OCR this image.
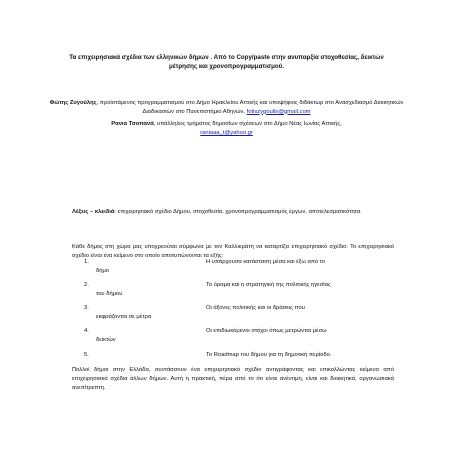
Τα επιχειρησιακά σχέδια των ελληνικών δήμων . Από το Copy/paste στην ανυπαρξία στοχοθεσίας, δεικτών μέτρησης και χρονοπρογραμματισμού.
Φώτης Ζυγούλης, προϊστάμενος προγραμματισμού στο Δήμο Ηρακλείου Αττικής και υποψήφιος διδάκτωρ στο Ανασχεδιασμό Διοικητικών Διαδικασιών στο Πανεπιστήμιο Αθηνών, fotiszygoulis@gmail.com
Ρανια Τσοπανά, υπάλληλος τμήματος δημοσίων σχέσεων στο Δήμο Νέας Ιωνίας Αττικής,
raniaaa_t@yahoo.gr
Λέξεις – κλειδιά: επιχειρησιακό σχέδιο Δήμου, στοχοθεσία, χρονοπρογραμματισμός έργων, αποτελεσματικότητα.
Κάθε δήμος στη χώρα μας υποχρεούται σύμφωνα με τον Καλλικράτη να καταρτίζει επιχειρησιακό σχέδιο. Το επιχειρησιακό σχέδιο είναι ένα κείμενο στο οποίο αποτυπώνονται τα εξής:
1.	Η υπάρχουσα κατάσταση μέσα και έξω από το
δήμο
2.	Το όραμα και η στρατηγική της πολιτικής ηγεσίας
του δήμου
3.	Οι άξονες πολιτικής και οι δράσεις που
εκφράζονται σε μέτρα
4.	Οι επιδιωκόμενοι στόχοι όπως μετρώνται μέσω
δεικτών
5.	Το Roadmap του δήμου για τη δημοτική περίοδο.
Πολλοί δήμοι στην Ελλάδα, συντάσσουν ένα επιχειρησιακό σχέδιο αντιγράφοντας και επικολλώντας κείμενα από επιχειρησιακά σχέδια άλλων δήμων. Αυτή η πρακτική, πέρα από το ότι είναι ανέντιμη, είναι και διοικητικά, οργανωσιακά ανεπίτρεπτη.
